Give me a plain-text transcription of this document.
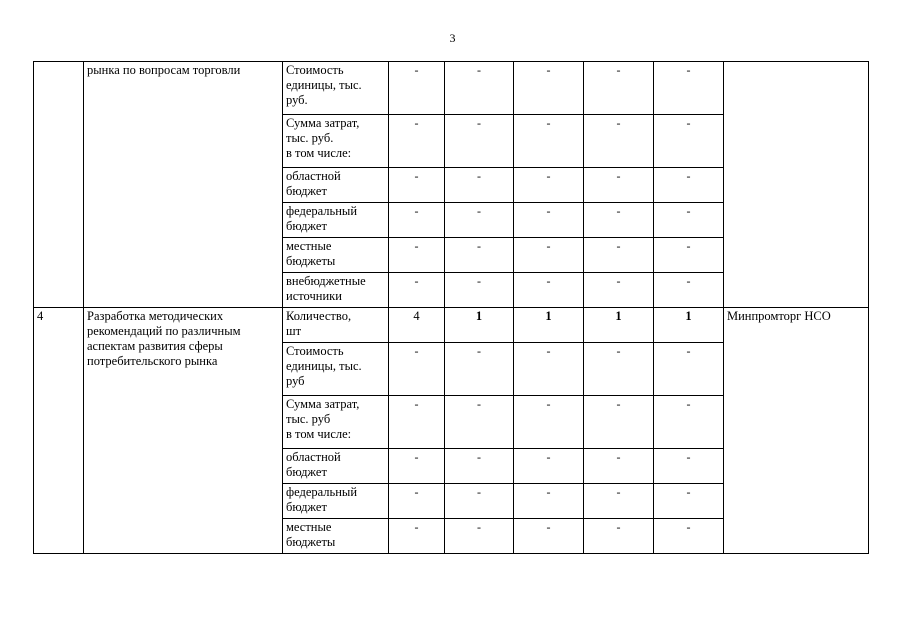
3
	рынка по вопросам торговли	Стоимость
единицы, тыс.
руб.	-	-	-	-	-	
		Сумма затрат,
тыс. руб.
в том числе:	-	-	-	-	-	
		областной
бюджет	-	-	-	-	-	
		федеральный
бюджет	-	-	-	-	-	
		местные
бюджеты	-	-	-	-	-	
		внебюджетные
источники	-	-	-	-	-	
4	Разработка методических рекомендаций по различным аспектам развития сферы потребительского рынка	Количество,
шт	4	1	1	1	1	Минпромторг НСО
		Стоимость
единицы, тыс.
руб	-	-	-	-	-	
		Сумма затрат,
тыс. руб
в том числе:	-	-	-	-	-	
		областной
бюджет	-	-	-	-	-	
		федеральный
бюджет	-	-	-	-	-	
		местные
бюджеты	-	-	-	-	-	
